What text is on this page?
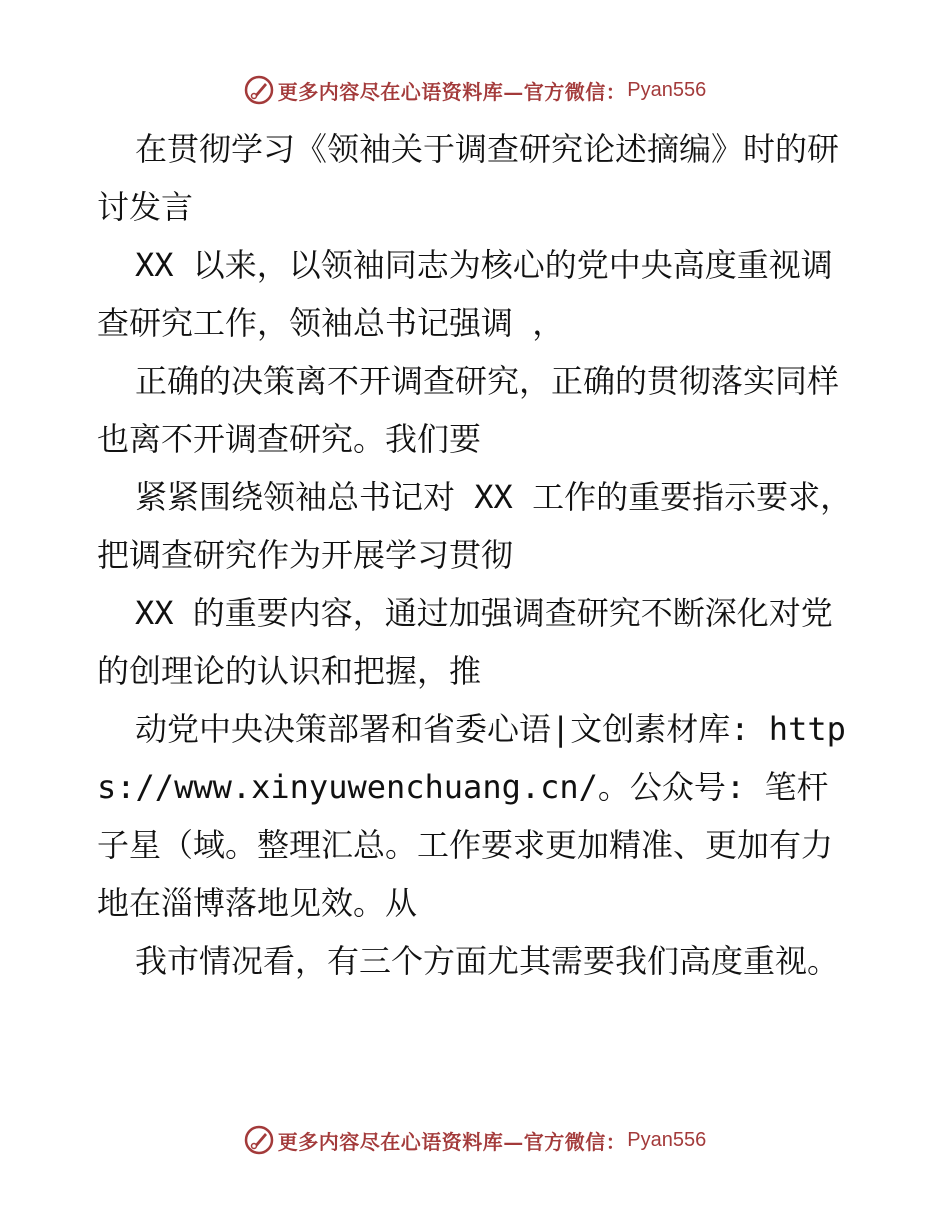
更多内容尽在心语资料库—官方微信： Pyan556

在贯彻学习《领袖关于调查研究论述摘编》时的研讨发言

XX 以来，以领袖同志为核心的党中央高度重视调查研究工作，领袖总书记强调 ，

正确的决策离不开调查研究，正确的贯彻落实同样也离不开调查研究。我们要

紧紧围绕领袖总书记对 XX 工作的重要指示要求，把调查研究作为开展学习贯彻

XX 的重要内容，通过加强调查研究不断深化对党的创理论的认识和把握，推

动党中央决策部署和省委心语|文创素材库: https://www.xinyuwenchuang.cn/。公众号: 笔杆子星（域。整理汇总。工作要求更加精准、更加有力地在淄博落地见效。从

我市情况看，有三个方面尤其需要我们高度重视。

更多内容尽在心语资料库—官方微信： Pyan556
